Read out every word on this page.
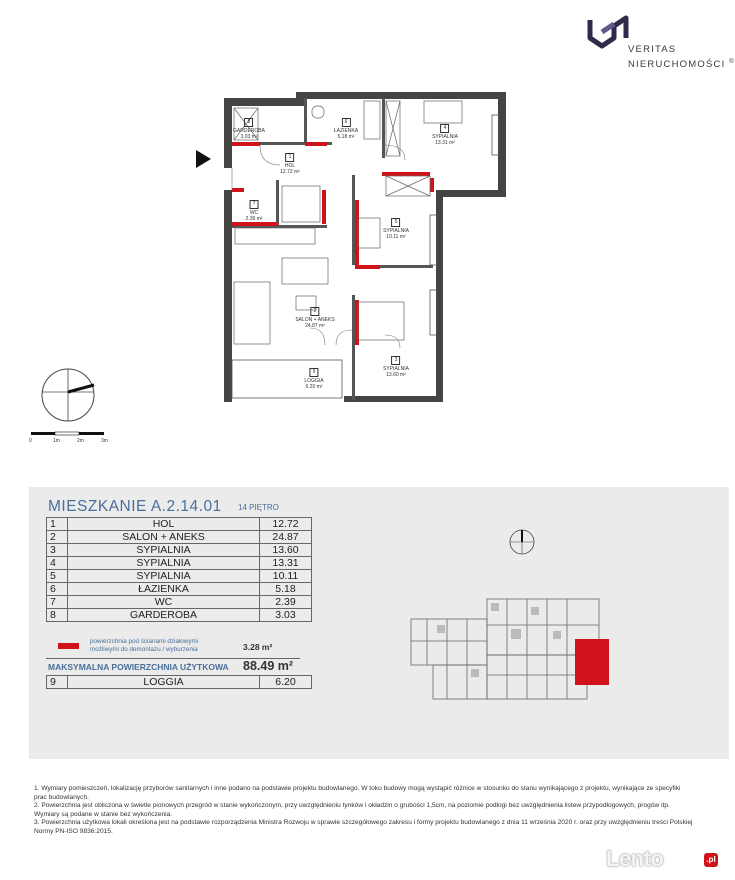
VERITAS
NIERUCHOMOŚCI ®
8
GARDEROBA
3.03 m²
6
ŁAZIENKA
5.18 m²
4
SYPIALNIA
13.31 m²
1
HOL
12.72 m²
7
WC
2.39 m²	5
SYPIALNIA
10.11 m²
2
SALON + ANEKS
24.87 m²
3
SYPIALNIA
13.60 m²
9
LOGGIA
6.20 m²
0	1m	2m	3m
MIESZKANIE A.2.14.01 14 PIĘTRO
1	HOL	12.72
2	SALON + ANEKS	24.87
3	SYPIALNIA	13.60
4	SYPIALNIA	13.31
5	SYPIALNIA	10.11
6	ŁAZIENKA	5.18
7	WC	2.39
8	GARDEROBA	3.03
powierzchnia pod ścianami działowymi
możliwymi do demontażu / wyburzenia	3.28 m²
MAKSYMALNA POWIERZCHNIA UŻYTKOWA 88.49 m²
9	LOGGIA	6.20

1. Wymiary pomieszczeń, lokalizację przyborów sanitarnych i inne podano na podstawie projektu budowlanego. W toku budowy mogą wystąpić różnice w stosunku do stanu wynikającego z projektu, wynikające ze specyfiki prac budowlanych.

2. Powierzchnia jest obliczona w świetle pionowych przegród w stanie wykończonym, przy uwzględnieniu tynków i okładzin o grubości 1,5cm, na poziomie podłogi bez uwzględnienia listew przypodłogowych, progów itp. Wymiary są podane w stanie bez wykończenia.

3. Powierzchnia użytkowa lokali określona jest na podstawie rozporządzenia Ministra Rozwoju w sprawie szczegółowego zakresu i formy projektu budowlanego z dnia 11 września 2020 r. oraz przy uwzględnieniu treści Polskiej Normy PN-ISO 9836:2015.

Lento	.pl
